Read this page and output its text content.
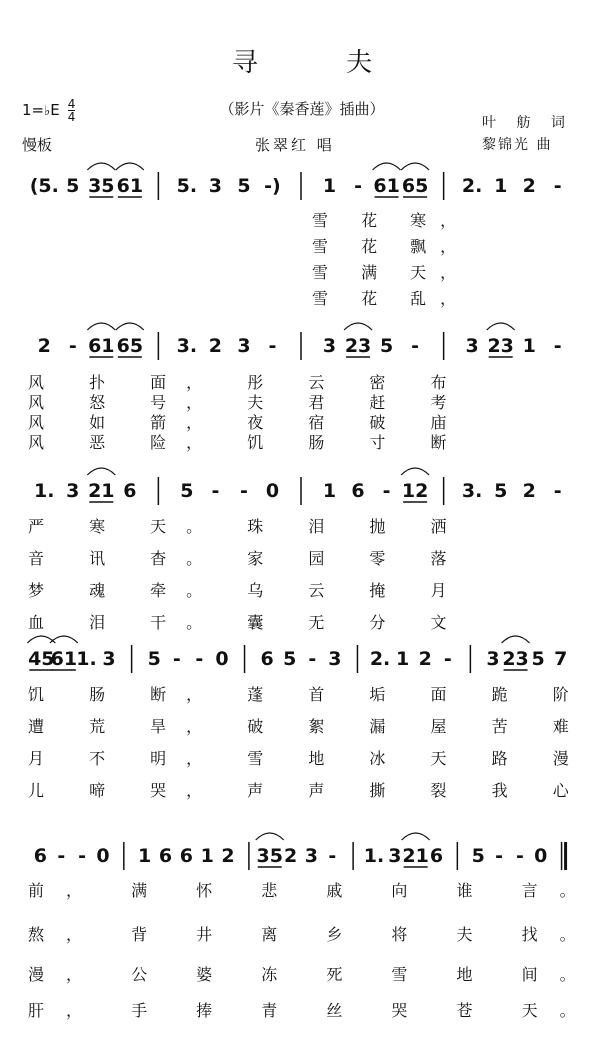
寻 夫
1=♭E $\frac{4}{4}$
慢板
（影片《秦香莲》插曲）
张翠红 唱
叶 舫 词
黎锦光 曲
(5. 5 35 61 5. 3 5 -) 1 - 61 65 2. 1 2 -
2 - 61 65 3. 2 3 - 3 23 5 - 3 23 1 -
1. 3 21 6 5 - - 0 1 6 - 12 3. 5 2 -
45
61 1. 3 5 - - 0 6 5 - 3 2. 1 2 - 3 23 5 7
6 - - 0 1 6 6 1 2 35 2 3 - 1. 3 21 6 5 - - 0
雪 花 寒，
雪 花 飘，
雪 满 天，
雪 花 乱，
风 扑 面， 彤 云 密 布
风 怒 号， 夫 君 赶 考
风 如 箭， 夜 宿 破 庙
风 恶 险， 饥 肠 寸 断
严 寒 天。 珠 泪 抛 洒
音 讯 杳。 家 园 零 落
梦 魂 牵。 乌 云 掩 月
血 泪 干。 囊 无 分 文
饥 肠 断， 蓬 首 垢 面 跪 阶
遭 荒 旱， 破 絮 漏 屋 苦 难
月 不 明， 雪 地 冰 天 路 漫
儿 啼 哭， 声 声 撕 裂 我 心
前， 满 怀 悲 戚 向 谁 言。
熬， 背 井 离 乡 将 夫 找。
漫， 公 婆 冻 死 雪 地 间。
肝， 手 捧 青 丝 哭 苍 天。
